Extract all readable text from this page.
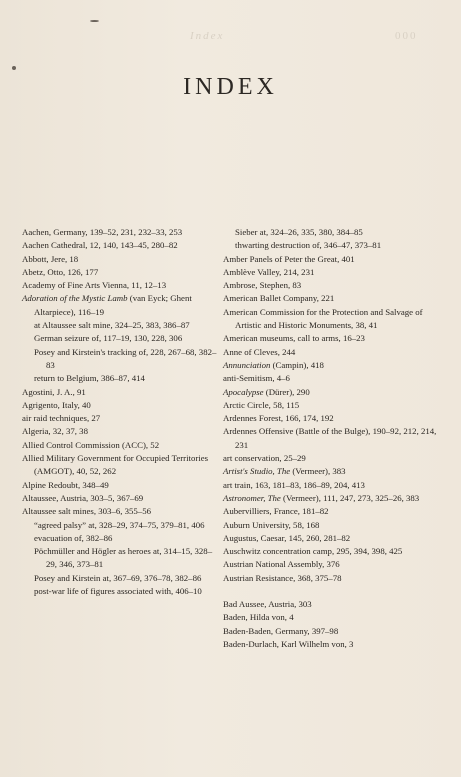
Index	000
INDEX
Aachen, Germany, 139–52, 231, 232–33, 253
Aachen Cathedral, 12, 140, 143–45, 280–82
Abbott, Jere, 18
Abetz, Otto, 126, 177
Academy of Fine Arts Vienna, 11, 12–13
Adoration of the Mystic Lamb (van Eyck; Ghent Altarpiece), 116–19
at Altaussee salt mine, 324–25, 383, 386–87
German seizure of, 117–19, 130, 228, 306
Posey and Kirstein's tracking of, 228, 267–68, 382–83
return to Belgium, 386–87, 414
Agostini, J. A., 91
Agrigento, Italy, 40
air raid techniques, 27
Algeria, 32, 37, 38
Allied Control Commission (ACC), 52
Allied Military Government for Occupied Territories (AMGOT), 40, 52, 262
Alpine Redoubt, 348–49
Altaussee, Austria, 303–5, 367–69
Altaussee salt mines, 303–6, 355–56
“agreed palsy” at, 328–29, 374–75, 379–81, 406
evacuation of, 382–86
Pöchmüller and Högler as heroes at, 314–15, 328–29, 346, 373–81
Posey and Kirstein at, 367–69, 376–78, 382–86
post-war life of figures associated with, 406–10
Sieber at, 324–26, 335, 380, 384–85
thwarting destruction of, 346–47, 373–81
Amber Panels of Peter the Great, 401
Amblève Valley, 214, 231
Ambrose, Stephen, 83
American Ballet Company, 221
American Commission for the Protection and Salvage of Artistic and Historic Monuments, 38, 41
American museums, call to arms, 16–23
Anne of Cleves, 244
Annunciation (Campin), 418
anti-Semitism, 4–6
Apocalypse (Dürer), 290
Arctic Circle, 58, 115
Ardennes Forest, 166, 174, 192
Ardennes Offensive (Battle of the Bulge), 190–92, 212, 214, 231
art conservation, 25–29
Artist's Studio, The (Vermeer), 383
art train, 163, 181–83, 186–89, 204, 413
Astronomer, The (Vermeer), 111, 247, 273, 325–26, 383
Aubervilliers, France, 181–82
Auburn University, 58, 168
Augustus, Caesar, 145, 260, 281–82
Auschwitz concentration camp, 295, 394, 398, 425
Austrian National Assembly, 376
Austrian Resistance, 368, 375–78
Bad Aussee, Austria, 303
Baden, Hilda von, 4
Baden-Baden, Germany, 397–98
Baden-Durlach, Karl Wilhelm von, 3
